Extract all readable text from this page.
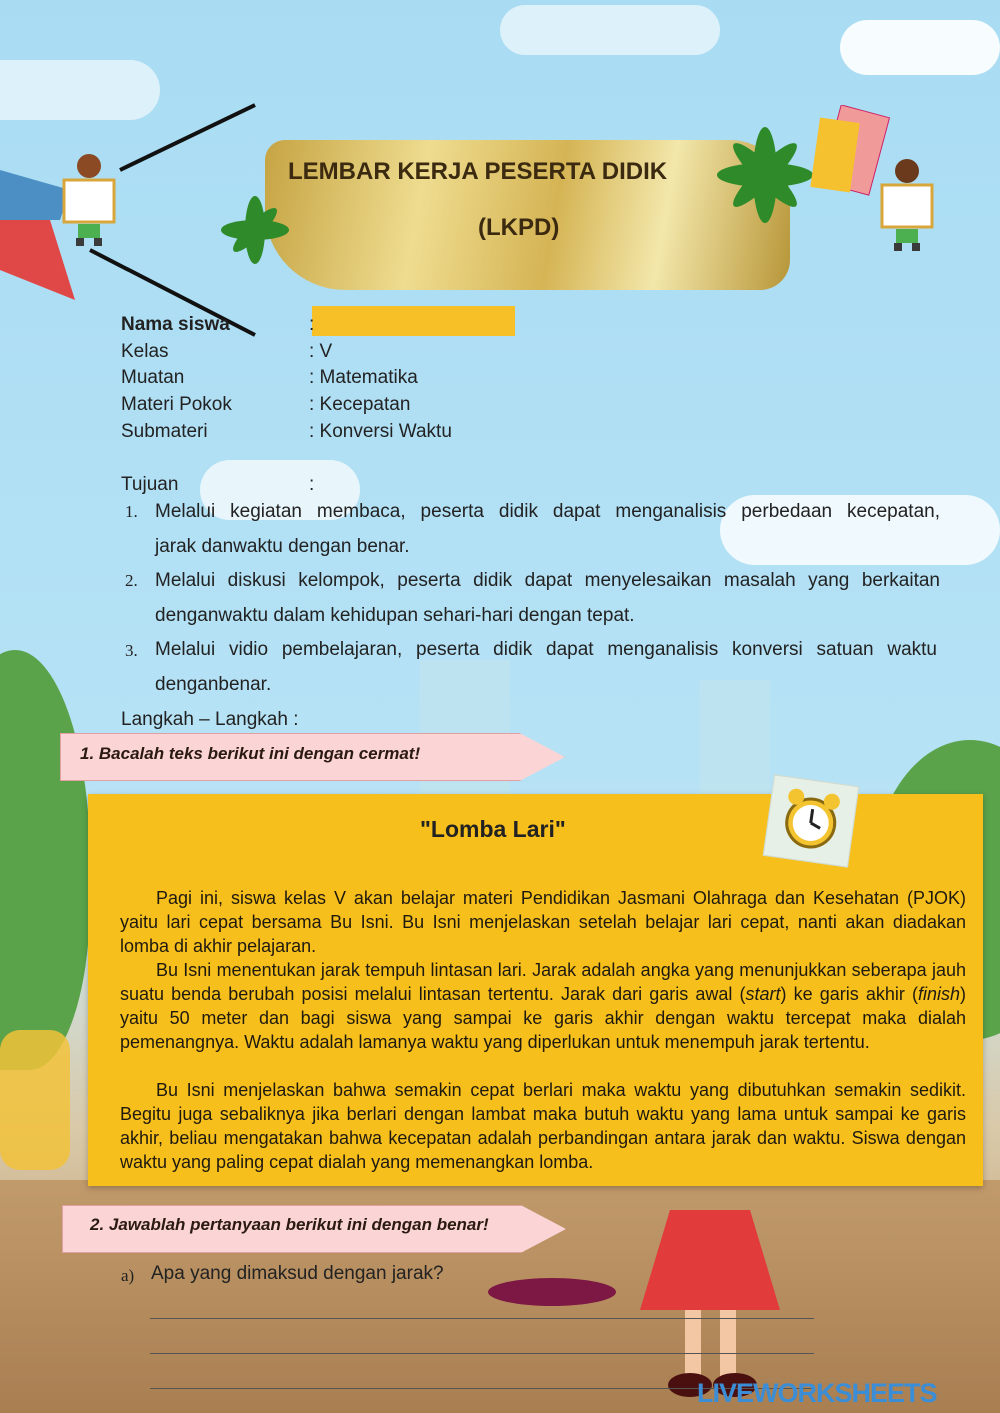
LEMBAR KERJA PESERTA DIDIK
(LKPD)
Nama siswa	:
Kelas	: V
Muatan	: Matematika
Materi Pokok	: Kecepatan
Submateri	: Konversi Waktu
Tujuan	:
1. Melalui kegiatan membaca, peserta didik dapat menganalisis perbedaan kecepatan,
jarak danwaktu dengan benar.
2. Melalui diskusi kelompok, peserta didik dapat menyelesaikan masalah yang berkaitan
denganwaktu dalam kehidupan sehari-hari dengan tepat.
3. Melalui vidio pembelajaran, peserta didik dapat menganalisis konversi satuan waktu
denganbenar.
Langkah – Langkah :
1. Bacalah teks berikut ini dengan cermat!
"Lomba Lari"
Pagi ini, siswa kelas V akan belajar materi Pendidikan Jasmani Olahraga dan Kesehatan (PJOK) yaitu lari cepat bersama Bu Isni. Bu Isni menjelaskan setelah belajar lari cepat, nanti akan diadakan lomba di akhir pelajaran.
Bu Isni menentukan jarak tempuh lintasan lari. Jarak adalah angka yang menunjukkan seberapa jauh suatu benda berubah posisi melalui lintasan tertentu. Jarak dari garis awal (start) ke garis akhir (finish) yaitu 50 meter dan bagi siswa yang sampai ke garis akhir dengan waktu tercepat maka dialah pemenangnya. Waktu adalah lamanya waktu yang diperlukan untuk menempuh jarak tertentu.
Bu Isni menjelaskan bahwa semakin cepat berlari maka waktu yang dibutuhkan semakin sedikit. Begitu juga sebaliknya jika berlari dengan lambat maka butuh waktu yang lama untuk sampai ke garis akhir, beliau mengatakan bahwa kecepatan adalah perbandingan antara jarak dan waktu. Siswa dengan waktu yang paling cepat dialah yang memenangkan lomba.
2. Jawablah pertanyaan berikut ini dengan benar!
a) Apa yang dimaksud dengan jarak?
LIVEWORKSHEETS
